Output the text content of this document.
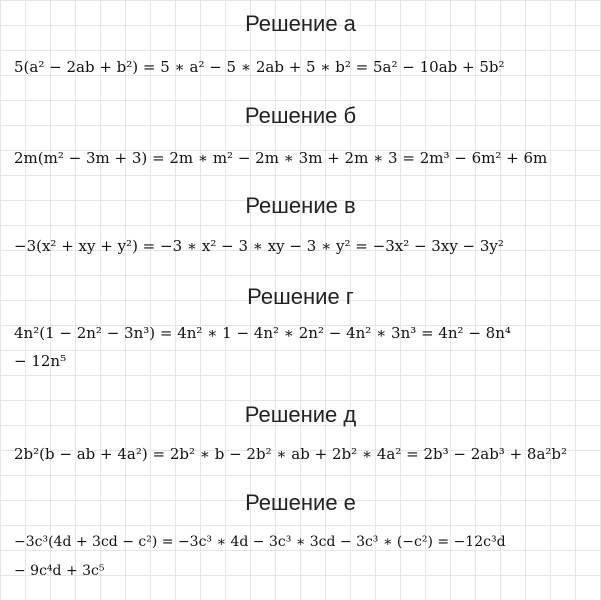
Решение а
5(a² − 2ab + b²) = 5 ∗ a² − 5 ∗ 2ab + 5 ∗ b² = 5a² − 10ab + 5b²
Решение б
2m(m² − 3m + 3) = 2m ∗ m² − 2m ∗ 3m + 2m ∗ 3 = 2m³ − 6m² + 6m
Решение в
−3(x² + xy + y²) = −3 ∗ x² − 3 ∗ xy − 3 ∗ y² = −3x² − 3xy − 3y²
Решение г
4n²(1 − 2n² − 3n³) = 4n² ∗ 1 − 4n² ∗ 2n² − 4n² ∗ 3n³ = 4n² − 8n⁴
− 12n⁵
Решение д
2b²(b − ab + 4a²) = 2b² ∗ b − 2b² ∗ ab + 2b² ∗ 4a² = 2b³ − 2ab³ + 8a²b²
Решение е
−3c³(4d + 3cd − c²) = −3c³ ∗ 4d − 3c³ ∗ 3cd − 3c³ ∗ (−c²) = −12c³d
− 9c⁴d + 3c⁵
